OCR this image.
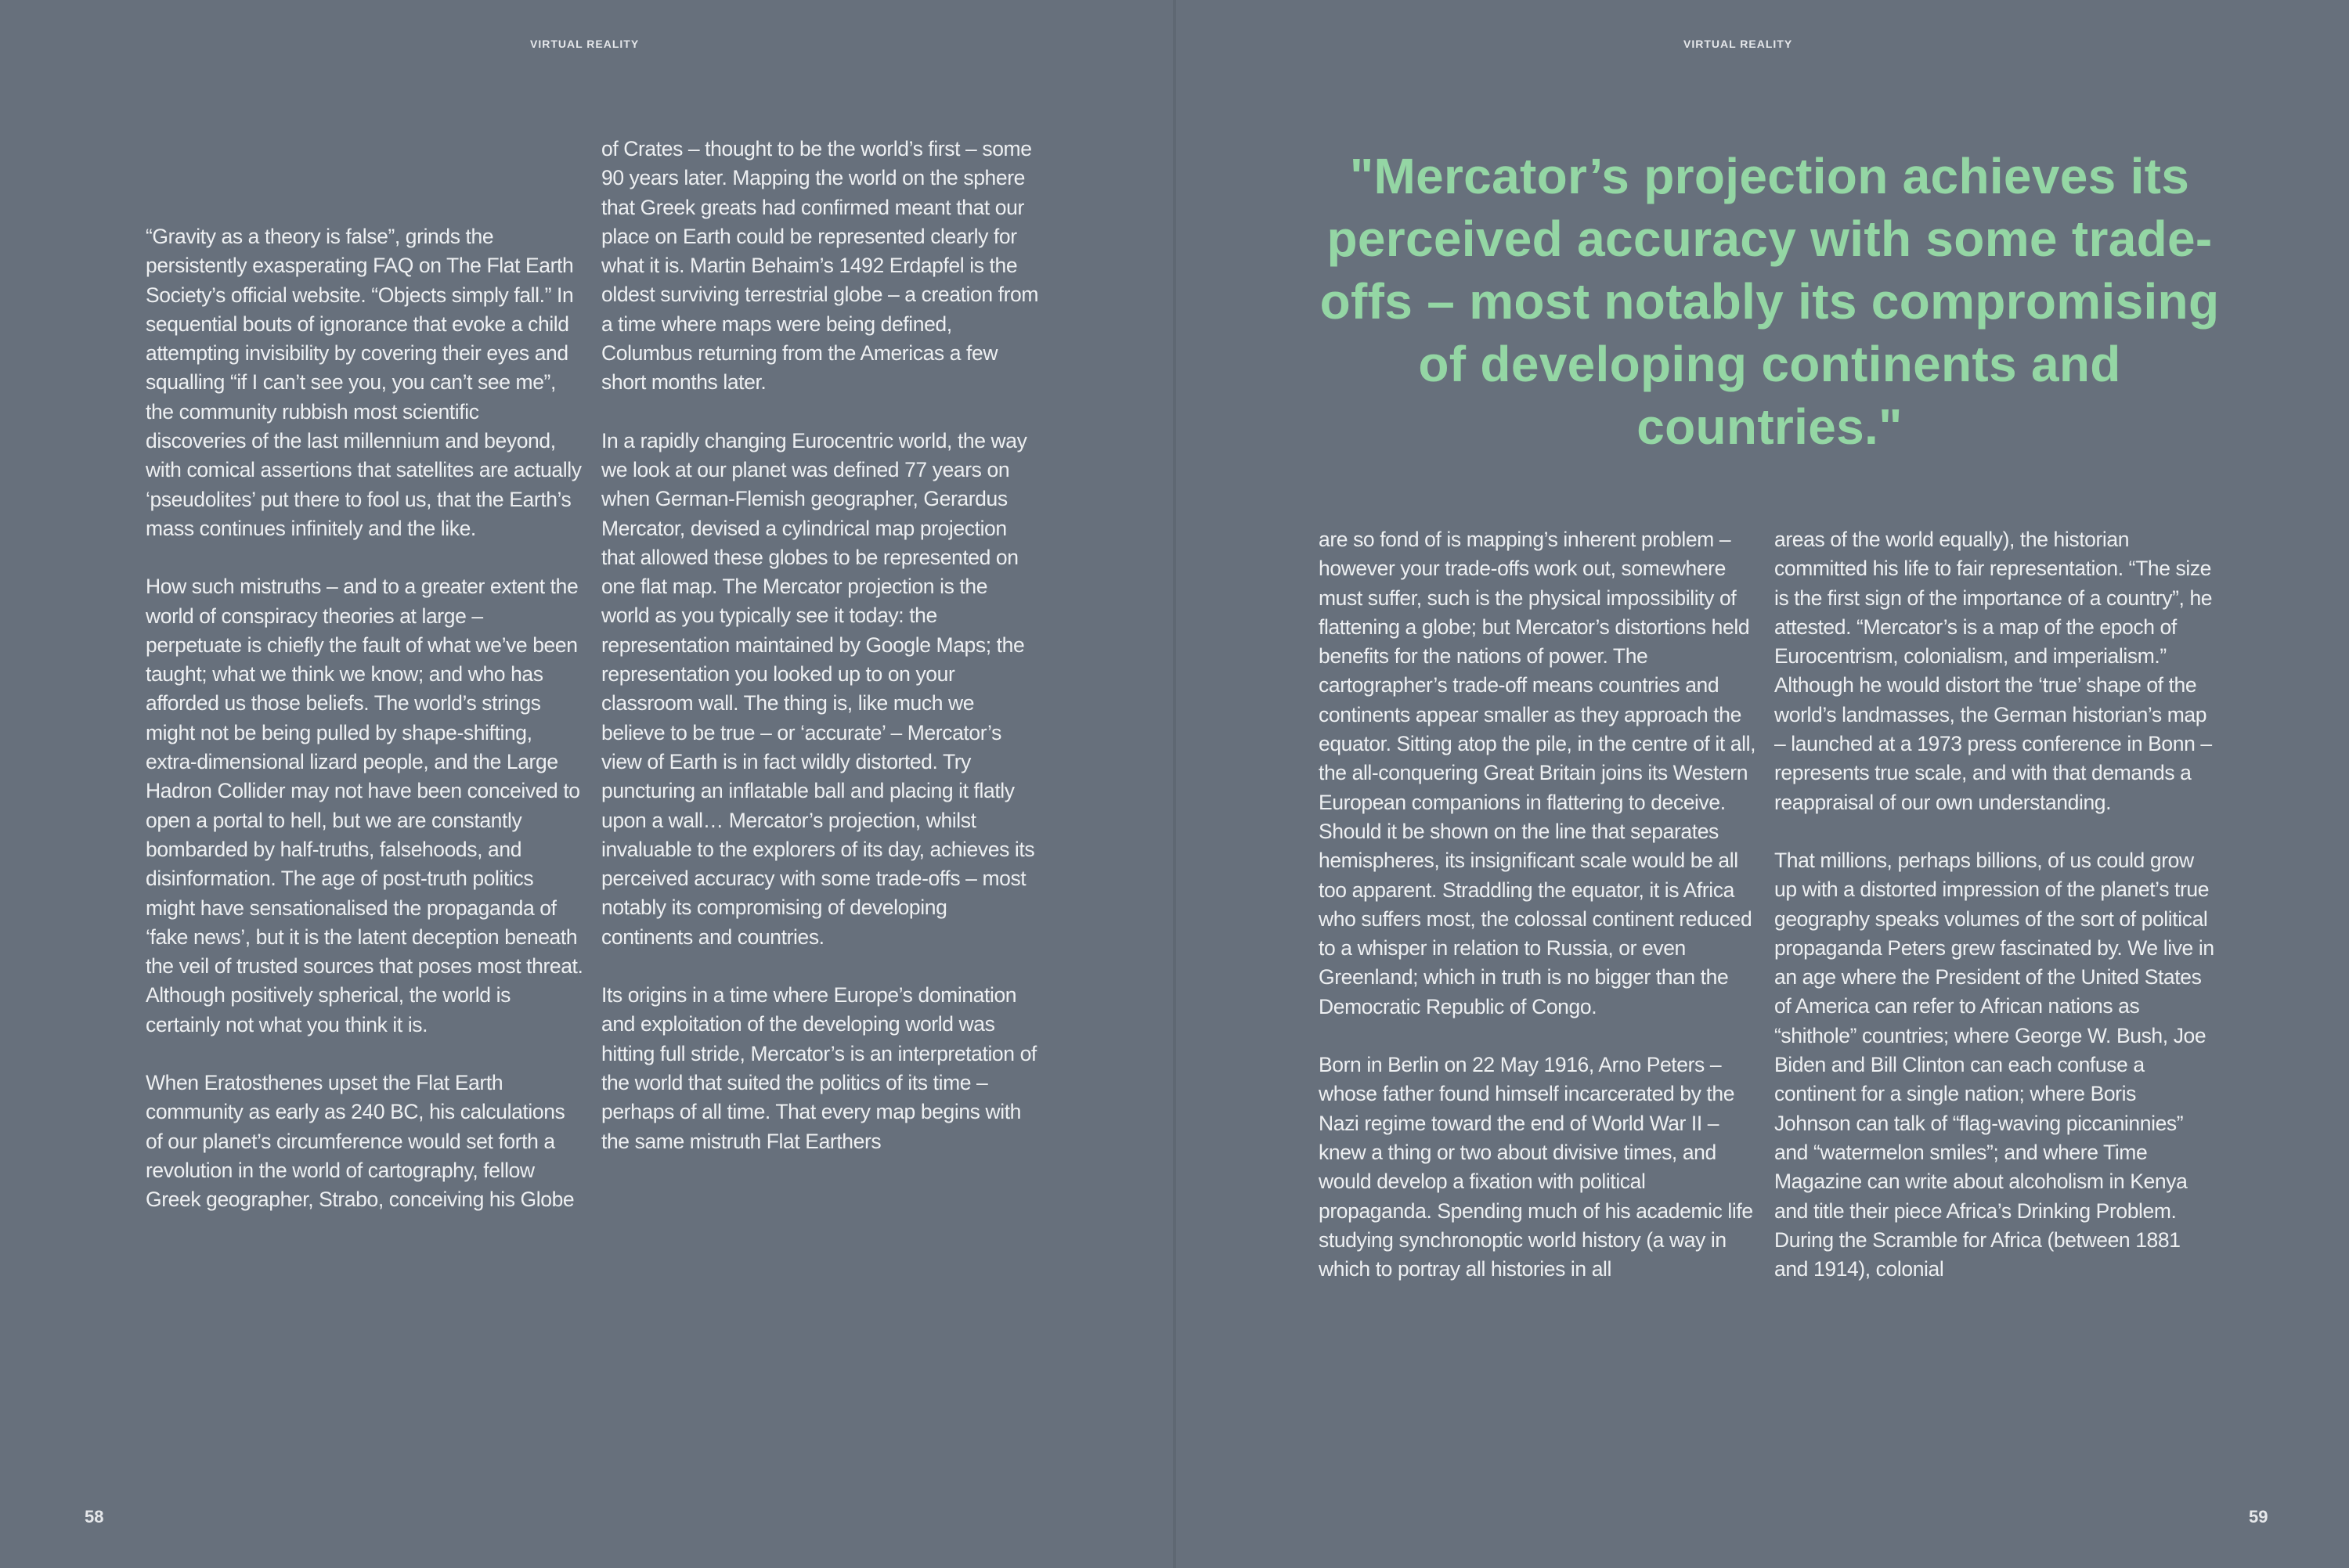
VIRTUAL REALITY

“Gravity as a theory is false”, grinds the persistently exasperating FAQ on The Flat Earth Society’s official website. “Objects simply fall.” In sequential bouts of ignorance that evoke a child attempting invisibility by covering their eyes and squalling “if I can’t see you, you can’t see me”, the community rubbish most scientific discoveries of the last millennium and beyond, with comical assertions that satellites are actually ‘pseudolites’ put there to fool us, that the Earth’s mass continues infinitely and the like.

How such mistruths – and to a greater extent the world of conspiracy theories at large – perpetuate is chiefly the fault of what we’ve been taught; what we think we know; and who has afforded us those beliefs. The world’s strings might not be being pulled by shape-shifting, extra-dimensional lizard people, and the Large Hadron Collider may not have been conceived to open a portal to hell, but we are constantly bombarded by half-truths, falsehoods, and disinformation. The age of post-truth politics might have sensationalised the propaganda of ‘fake news’, but it is the latent deception beneath the veil of trusted sources that poses most threat. Although positively spherical, the world is certainly not what you think it is.

When Eratosthenes upset the Flat Earth community as early as 240 BC, his calculations of our planet’s circumference would set forth a revolution in the world of cartography, fellow Greek geographer, Strabo, conceiving his Globe

of Crates – thought to be the world’s first – some 90 years later. Mapping the world on the sphere that Greek greats had confirmed meant that our place on Earth could be represented clearly for what it is. Martin Behaim’s 1492 Erdapfel is the oldest surviving terrestrial globe – a creation from a time where maps were being defined, Columbus returning from the Americas a few short months later.

In a rapidly changing Eurocentric world, the way we look at our planet was defined 77 years on when German-Flemish geographer, Gerardus Mercator, devised a cylindrical map projection that allowed these globes to be represented on one flat map. The Mercator projection is the world as you typically see it today: the representation maintained by Google Maps; the representation you looked up to on your classroom wall. The thing is, like much we believe to be true – or ‘accurate’ – Mercator’s view of Earth is in fact wildly distorted. Try puncturing an inflatable ball and placing it flatly upon a wall… Mercator’s projection, whilst invaluable to the explorers of its day, achieves its perceived accuracy with some trade-offs – most notably its compromising of developing continents and countries.

Its origins in a time where Europe’s domination and exploitation of the developing world was hitting full stride, Mercator’s is an interpretation of the world that suited the politics of its time – perhaps of all time. That every map begins with the same mistruth Flat Earthers

58
VIRTUAL REALITY
"Mercator’s projection achieves its perceived accuracy with some trade-offs – most notably its compromising of developing continents and countries."

are so fond of is mapping’s inherent problem – however your trade-offs work out, somewhere must suffer, such is the physical impossibility of flattening a globe; but Mercator’s distortions held benefits for the nations of power. The cartographer’s trade-off means countries and continents appear smaller as they approach the equator. Sitting atop the pile, in the centre of it all, the all-conquering Great Britain joins its Western European companions in flattering to deceive. Should it be shown on the line that separates hemispheres, its insignificant scale would be all too apparent. Straddling the equator, it is Africa who suffers most, the colossal continent reduced to a whisper in relation to Russia, or even Greenland; which in truth is no bigger than the Democratic Republic of Congo.

Born in Berlin on 22 May 1916, Arno Peters – whose father found himself incarcerated by the Nazi regime toward the end of World War II – knew a thing or two about divisive times, and would develop a fixation with political propaganda. Spending much of his academic life studying synchronoptic world history (a way in which to portray all histories in all

areas of the world equally), the historian committed his life to fair representation. “The size is the first sign of the importance of a country”, he attested. “Mercator’s is a map of the epoch of Eurocentrism, colonialism, and imperialism.” Although he would distort the ‘true’ shape of the world’s landmasses, the German historian’s map – launched at a 1973 press conference in Bonn – represents true scale, and with that demands a reappraisal of our own understanding.

That millions, perhaps billions, of us could grow up with a distorted impression of the planet’s true geography speaks volumes of the sort of political propaganda Peters grew fascinated by. We live in an age where the President of the United States of America can refer to African nations as “shithole” countries; where George W. Bush, Joe Biden and Bill Clinton can each confuse a continent for a single nation; where Boris Johnson can talk of “flag-waving piccaninnies” and “watermelon smiles”; and where Time Magazine can write about alcoholism in Kenya and title their piece Africa’s Drinking Problem. During the Scramble for Africa (between 1881 and 1914), colonial

59
